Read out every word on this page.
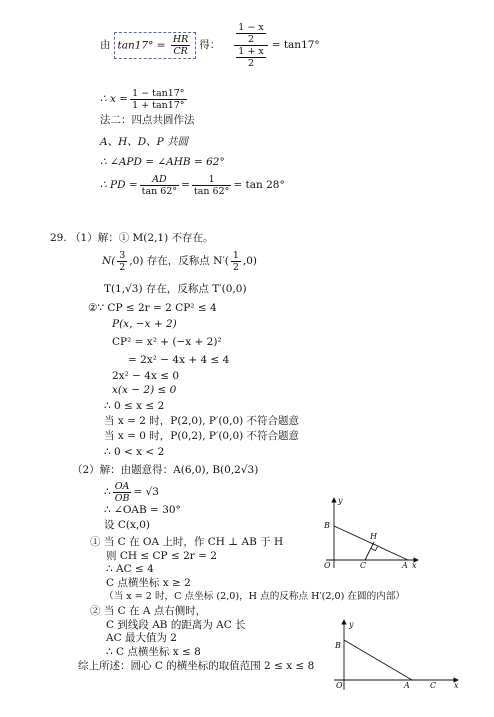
由 $\tan 17^\circ = \frac{HR}{CR}$ 得： $\frac{\frac{1 - x}{2}}{\frac{1 + x}{2}} = \tan 17^\circ$
∴ $x = \frac{1 - \tan 17^\circ}{1 + \tan 17^\circ}$
法二：四点共圆作法
A、H、D、P 共圆
∴ ∠APD = ∠AHB = 62°
∴ PD = $\frac{AD}{\tan 62^\circ} = \frac{1}{\tan 62^\circ} = \tan 28^\circ$
29. （1）解：① M(2,1) 不存在。
$N( \frac{3}{2} ,0)$ 存在，反称点 $N'( \frac{1}{2} ,0)$
T(1,√3) 存在，反称点 T′(0,0)
②∵ CP ≤ 2r = 2 CP² ≤ 4
P(x, −x + 2)
CP² = x² + (−x + 2)²
= 2x² − 4x + 4 ≤ 4
2x² − 4x ≤ 0
x(x − 2) ≤ 0
∴ 0 ≤ x ≤ 2
当 x = 2 时，P(2,0), P′(0,0) 不符合题意
当 x = 0 时，P(0,2), P′(0,0) 不符合题意
∴ 0 < x < 2
（2）解：由题意得：A(6,0), B(0,2√3)
∴ $\frac{OA}{OB} = √3$
∴ ∠OAB = 30°
设 C(x,0)
① 当 C 在 OA 上时，作 CH ⊥ AB 于 H
则 CH ≤ CP ≤ 2r = 2
∴ AC ≤ 4
C 点横坐标 x ≥ 2
（当 x = 2 时，C 点坐标 (2,0)，H 点的反称点 H′(2,0) 在圆的内部）
② 当 C 在 A 点右侧时，
C 到线段 AB 的距离为 AC 长
AC 最大值为 2
∴ C 点横坐标 x ≤ 8
综上所述：圆心 C 的横坐标的取值范围 2 ≤ x ≤ 8
y
B
H
O	C	A x
y
B
O	A	C x
